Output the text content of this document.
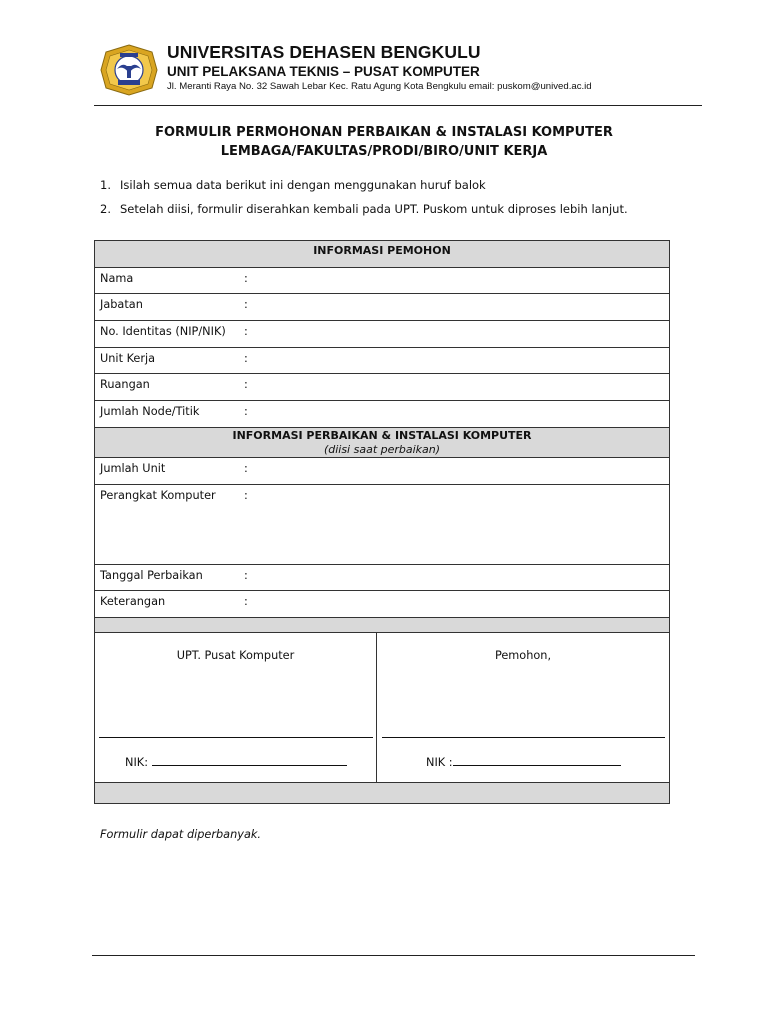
UNIVERSITAS DEHASEN BENGKULU
UNIT PELAKSANA TEKNIS – PUSAT KOMPUTER
Jl. Meranti Raya No. 32 Sawah Lebar Kec. Ratu Agung Kota Bengkulu email: puskom@unived.ac.id
FORMULIR PERMOHONAN PERBAIKAN & INSTALASI KOMPUTER
LEMBAGA/FAKULTAS/PRODI/BIRO/UNIT KERJA
1. Isilah semua data berikut ini dengan menggunakan huruf balok
2. Setelah diisi, formulir diserahkan kembali pada UPT. Puskom untuk diproses lebih lanjut.
INFORMASI PEMOHON
Nama	:
Jabatan	:
No. Identitas (NIP/NIK) :
Unit Kerja	:
Ruangan	:
Jumlah Node/Titik	:
INFORMASI PERBAIKAN & INSTALASI KOMPUTER
(diisi saat perbaikan)
Jumlah Unit	:
Perangkat Komputer	:
Tanggal Perbaikan	:
Keterangan	:
UPT. Pusat Komputer	Pemohon,
NIK:	NIK :
Formulir dapat diperbanyak.
